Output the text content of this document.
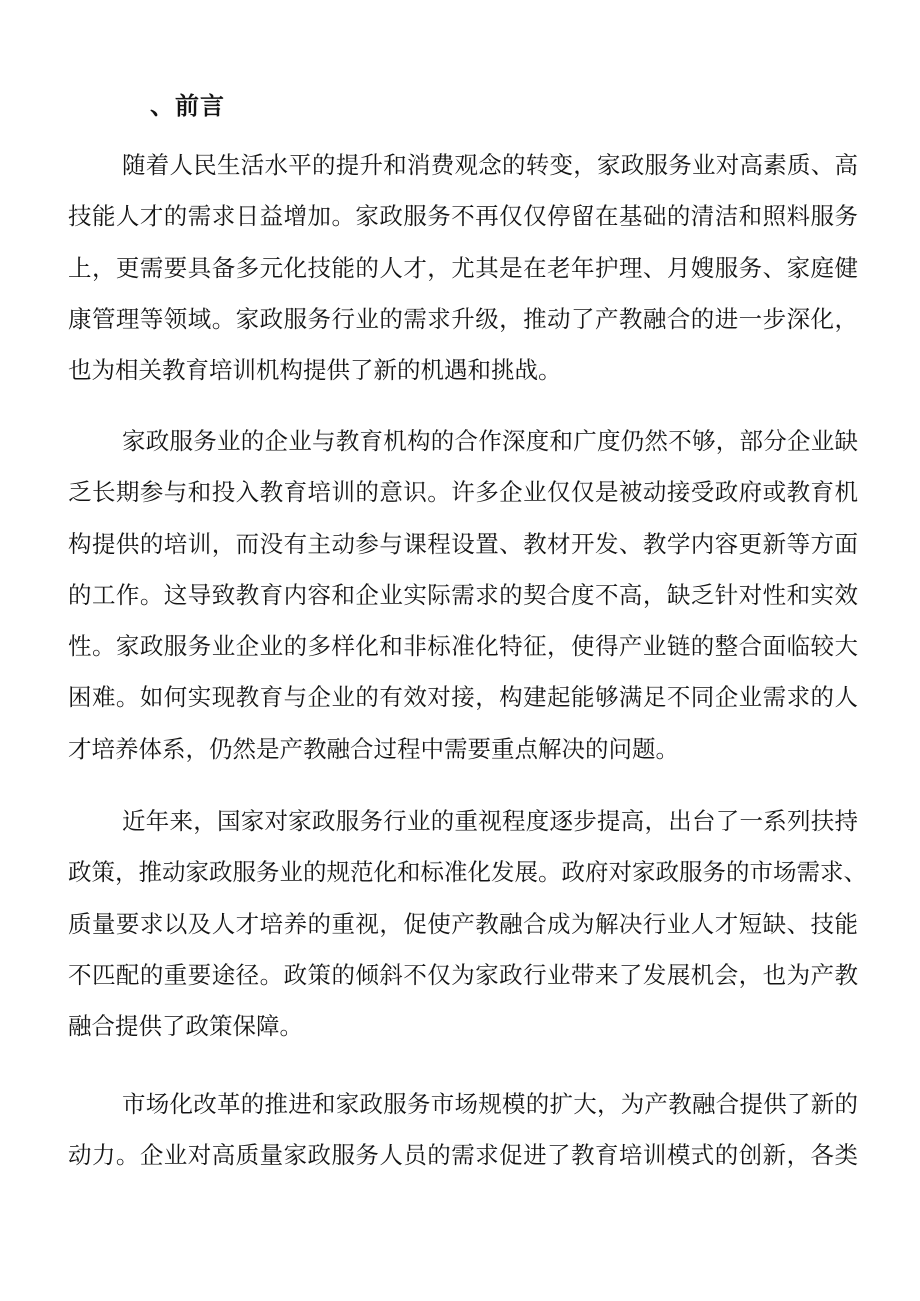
、前言
随着人民生活水平的提升和消费观念的转变，家政服务业对高素质、高
技能人才的需求日益增加。家政服务不再仅仅停留在基础的清洁和照料服务
上，更需要具备多元化技能的人才，尤其是在老年护理、月嫂服务、家庭健
康管理等领域。家政服务行业的需求升级，推动了产教融合的进一步深化，
也为相关教育培训机构提供了新的机遇和挑战。
家政服务业的企业与教育机构的合作深度和广度仍然不够，部分企业缺
乏长期参与和投入教育培训的意识。许多企业仅仅是被动接受政府或教育机
构提供的培训，而没有主动参与课程设置、教材开发、教学内容更新等方面
的工作。这导致教育内容和企业实际需求的契合度不高，缺乏针对性和实效
性。家政服务业企业的多样化和非标准化特征，使得产业链的整合面临较大
困难。如何实现教育与企业的有效对接，构建起能够满足不同企业需求的人
才培养体系，仍然是产教融合过程中需要重点解决的问题。
近年来，国家对家政服务行业的重视程度逐步提高，出台了一系列扶持
政策，推动家政服务业的规范化和标准化发展。政府对家政服务的市场需求、
质量要求以及人才培养的重视，促使产教融合成为解决行业人才短缺、技能
不匹配的重要途径。政策的倾斜不仅为家政行业带来了发展机会，也为产教
融合提供了政策保障。
市场化改革的推进和家政服务市场规模的扩大，为产教融合提供了新的
动力。企业对高质量家政服务人员的需求促进了教育培训模式的创新，各类
